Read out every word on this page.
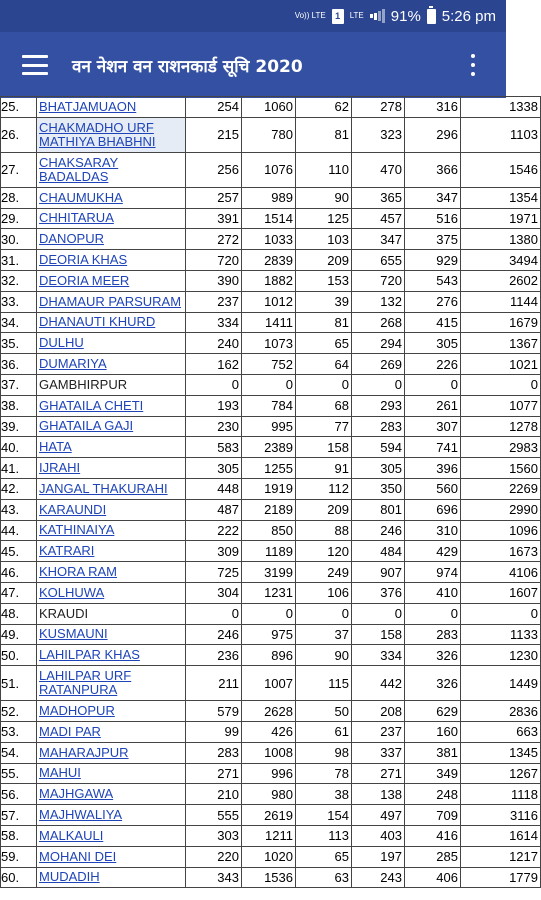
Vo)) LTE	1	LTE 91% 5:26 pm
वन नेशन वन राशनकार्ड सूचि 2020
25.	BHATJAMUAON	254	1060	62	278	316	1338
26.	CHAKMADHO URF MATHIYA BHABHNI	215	780	81	323	296	1103
27.	CHAKSARAY BADALDAS	256	1076	110	470	366	1546
28.	CHAUMUKHA	257	989	90	365	347	1354
29.	CHHITARUA	391	1514	125	457	516	1971
30.	DANOPUR	272	1033	103	347	375	1380
31.	DEORIA KHAS	720	2839	209	655	929	3494
32.	DEORIA MEER	390	1882	153	720	543	2602
33.	DHAMAUR PARSURAM	237	1012	39	132	276	1144
34.	DHANAUTI KHURD	334	1411	81	268	415	1679
35.	DULHU	240	1073	65	294	305	1367
36.	DUMARIYA	162	752	64	269	226	1021
37.	GAMBHIRPUR	0	0	0	0	0	0
38.	GHATAILA CHETI	193	784	68	293	261	1077
39.	GHATAILA GAJI	230	995	77	283	307	1278
40.	HATA	583	2389	158	594	741	2983
41.	IJRAHI	305	1255	91	305	396	1560
42.	JANGAL THAKURAHI	448	1919	112	350	560	2269
43.	KARAUNDI	487	2189	209	801	696	2990
44.	KATHINAIYA	222	850	88	246	310	1096
45.	KATRARI	309	1189	120	484	429	1673
46.	KHORA RAM	725	3199	249	907	974	4106
47.	KOLHUWA	304	1231	106	376	410	1607
48.	KRAUDI	0	0	0	0	0	0
49.	KUSMAUNI	246	975	37	158	283	1133
50.	LAHILPAR KHAS	236	896	90	334	326	1230
51.	LAHILPAR URF RATANPURA	211	1007	115	442	326	1449
52.	MADHOPUR	579	2628	50	208	629	2836
53.	MADI PAR	99	426	61	237	160	663
54.	MAHARAJPUR	283	1008	98	337	381	1345
55.	MAHUI	271	996	78	271	349	1267
56.	MAJHGAWA	210	980	38	138	248	1118
57.	MAJHWALIYA	555	2619	154	497	709	3116
58.	MALKAULI	303	1211	113	403	416	1614
59.	MOHANI DEI	220	1020	65	197	285	1217
60.	MUDADIH	343	1536	63	243	406	1779
